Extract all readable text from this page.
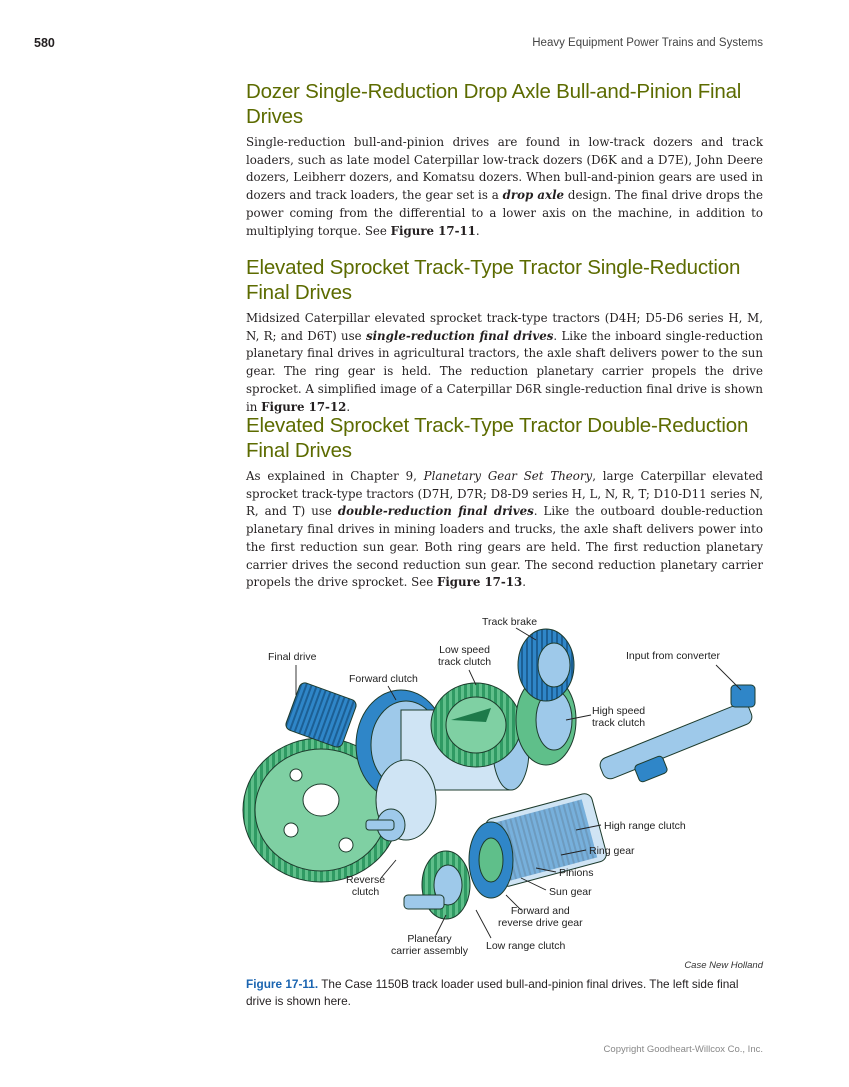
580	Heavy Equipment Power Trains and Systems
Dozer Single-Reduction Drop Axle Bull-and-Pinion Final Drives

Single-reduction bull-and-pinion drives are found in low-track dozers and track loaders, such as late model Caterpillar low-track dozers (D6K and a D7E), John Deere dozers, Leibherr dozers, and Komatsu dozers. When bull-and-pinion gears are used in dozers and track loaders, the gear set is a drop axle design. The final drive drops the power coming from the differential to a lower axis on the machine, in addition to multiplying torque. See Figure 17-11.

Elevated Sprocket Track-Type Tractor Single-Reduction Final Drives

Midsized Caterpillar elevated sprocket track-type tractors (D4H; D5-D6 series H, M, N, R; and D6T) use single-reduction final drives. Like the inboard single-reduction planetary final drives in agricultural tractors, the axle shaft delivers power to the sun gear. The ring gear is held. The reduction planetary carrier propels the drive sprocket. A simplified image of a Caterpillar D6R single-reduction final drive is shown in Figure 17-12.

Elevated Sprocket Track-Type Tractor Double-Reduction Final Drives

As explained in Chapter 9, Planetary Gear Set Theory, large Caterpillar elevated sprocket track-type tractors (D7H, D7R; D8-D9 series H, L, N, R, T; D10-D11 series N, R, and T) use double-reduction final drives. Like the outboard double-reduction planetary final drives in mining loaders and trucks, the axle shaft delivers power into the first reduction sun gear. Both ring gears are held. The first reduction planetary carrier drives the second reduction sun gear. The second reduction planetary carrier propels the drive sprocket. See Figure 17-13.

Track brake
Final drive
Low speed
track clutch	Input from converter
Forward clutch
High speed
track clutch
High range clutch
Ring gear
Pinions
Reverse
clutch	Sun gear
Forward and
reverse drive gear
Planetary
carrier assembly Low range clutch
Case New Holland

Figure 17-11. The Case 1150B track loader used bull-and-pinion final drives. The left side final drive is shown here.

Copyright Goodheart-Willcox Co., Inc.
